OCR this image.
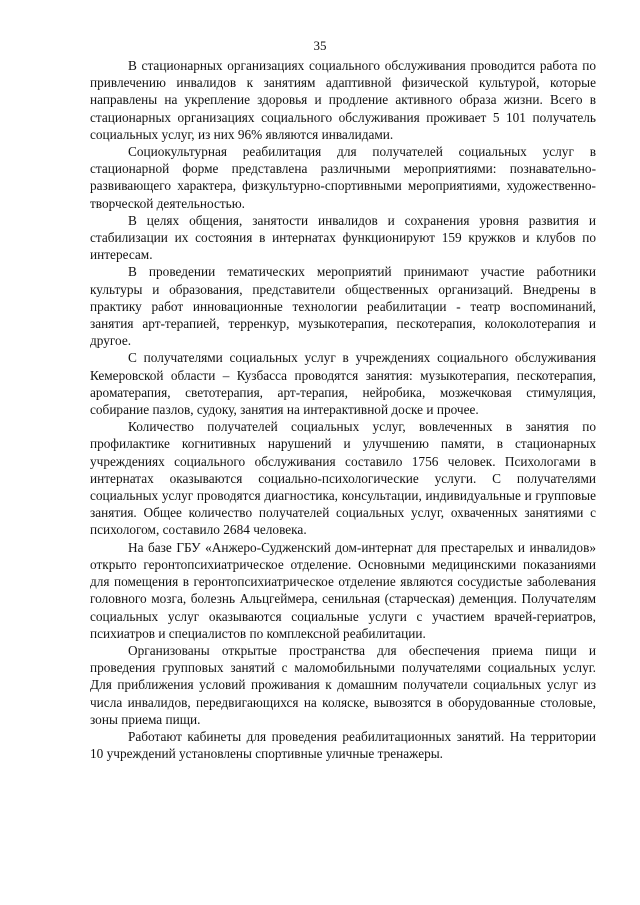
35

В стационарных организациях социального обслуживания проводится работа по привлечению инвалидов к занятиям адаптивной физической культурой, которые направлены на укрепление здоровья и продление активного образа жизни. Всего в стационарных организациях социального обслуживания проживает 5 101 получатель социальных услуг, из них 96% являются инвалидами.

Социокультурная реабилитация для получателей социальных услуг в стационарной форме представлена различными мероприятиями: познавательно-развивающего характера, физкультурно-спортивными мероприятиями, художественно-творческой деятельностью.

В целях общения, занятости инвалидов и сохранения уровня развития и стабилизации их состояния в интернатах функционируют 159 кружков и клубов по интересам.

В проведении тематических мероприятий принимают участие работники культуры и образования, представители общественных организаций. Внедрены в практику работ инновационные технологии реабилитации - театр воспоминаний, занятия арт-терапией, терренкур, музыкотерапия, пескотерапия, колоколотерапия и другое.

С получателями социальных услуг в учреждениях социального обслуживания Кемеровской области – Кузбасса проводятся занятия: музыкотерапия, пескотерапия, ароматерапия, светотерапия, арт-терапия, нейробика, мозжечковая стимуляция, собирание пазлов, судоку, занятия на интерактивной доске и прочее.

Количество получателей социальных услуг, вовлеченных в занятия по профилактике когнитивных нарушений и улучшению памяти, в стационарных учреждениях социального обслуживания составило 1756 человек. Психологами в интернатах оказываются социально-психологические услуги. С получателями социальных услуг проводятся диагностика, консультации, индивидуальные и групповые занятия. Общее количество получателей социальных услуг, охваченных занятиями с психологом, составило 2684 человека.

На базе ГБУ «Анжеро-Судженский дом-интернат для престарелых и инвалидов» открыто геронтопсихиатрическое отделение. Основными медицинскими показаниями для помещения в геронтопсихиатрическое отделение являются сосудистые заболевания головного мозга, болезнь Альцгеймера, сенильная (старческая) деменция. Получателям социальных услуг оказываются социальные услуги с участием врачей-гериатров, психиатров и специалистов по комплексной реабилитации.

Организованы открытые пространства для обеспечения приема пищи и проведения групповых занятий с маломобильными получателями социальных услуг. Для приближения условий проживания к домашним получатели социальных услуг из числа инвалидов, передвигающихся на коляске, вывозятся в оборудованные столовые, зоны приема пищи.

Работают кабинеты для проведения реабилитационных занятий. На территории 10 учреждений установлены спортивные уличные тренажеры.
